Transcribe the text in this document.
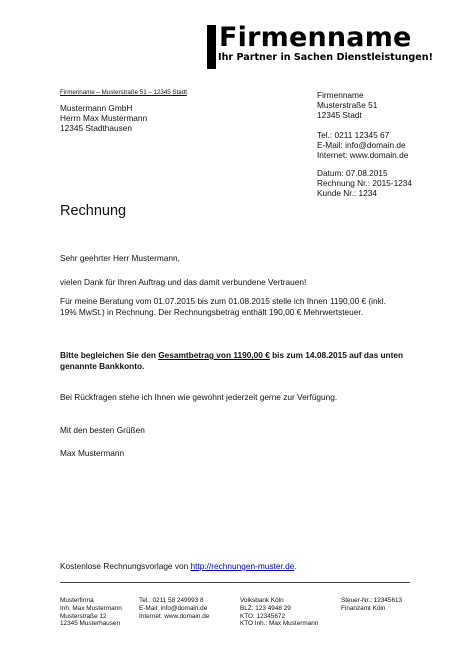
Firmenname
Ihr Partner in Sachen Dienstleistungen!
Firmenname – Musterstraße 51 – 12345 Stadt
Mustermann GmbH
Herrn Max Mustermann
12345 Stadthausen
Firmenname
Musterstraße 51
12345 Stadt
Tel.: 0211 12345 67
E-Mail: info@domain.de
Internet: www.domain.de
Datum: 07.08.2015
Rechnung Nr.: 2015-1234
Kunde Nr.: 1234
Rechnung
Sehr geehrter Herr Mustermann,
vielen Dank für Ihren Auftrag und das damit verbundene Vertrauen!
Für meine Beratung vom 01.07.2015 bis zum 01.08.2015 stelle ich Ihnen 1190,00 € (inkl. 19% MwSt.) in Rechnung. Der Rechnungsbetrag enthält 190,00 € Mehrwertsteuer.
Bitte begleichen Sie den Gesamtbetrag von 1190,00 € bis zum 14.08.2015 auf das unten genannte Bankkonto.
Bei Rückfragen stehe ich Ihnen wie gewohnt jederzeit gerne zur Verfügung.
Mit den besten Grüßen
Max Mustermann
Kostenlose Rechnungsvorlage von http://rechnungen-muster.de.
Musterfirma
Inh. Max Mustermann
Musterstraße 12
12345 Musterhausen
Tel.: 0211 58 249993 8
E-Mail: info@domain.de
Internet: www.domain.de
Volksbank Köln
BLZ: 123 4948 29
KTO: 12345672
KTO Inh.: Max Mustermann
Steuer-Nr.: 12345613
Finanzamt Köln
